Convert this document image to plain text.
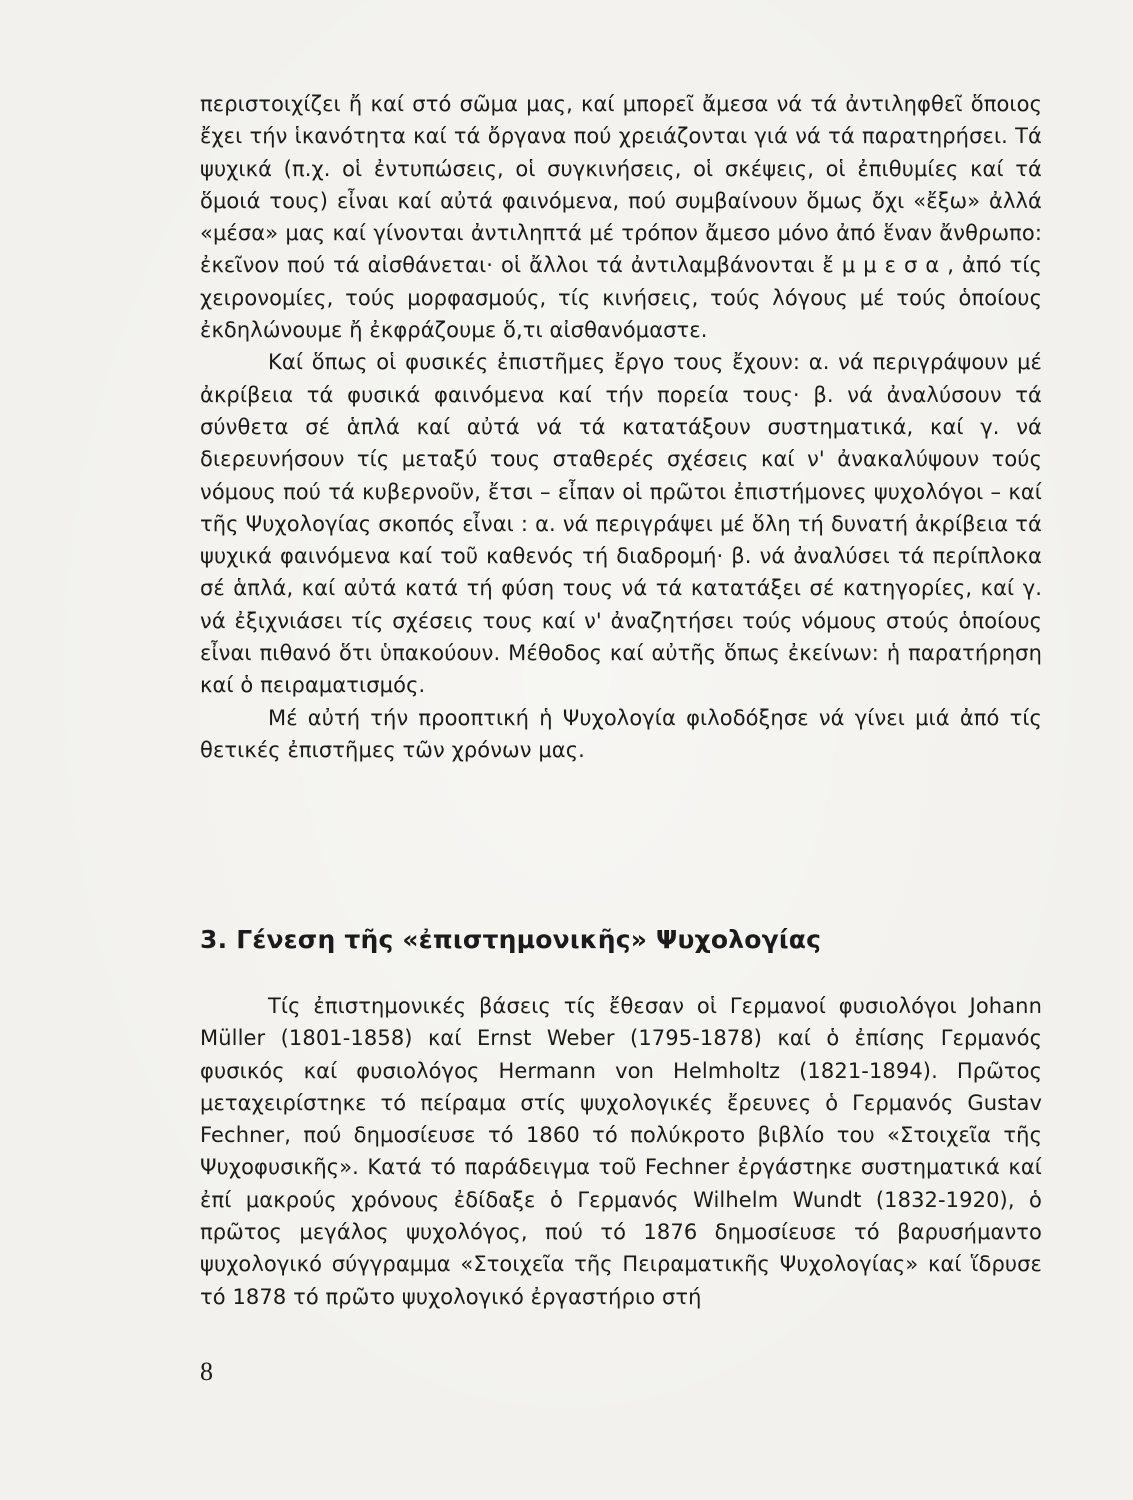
περιστοιχίζει ἤ καί στό σῶμα μας, καί μπορεῖ ἄμεσα νά τά ἀντιληφθεῖ ὅποιος ἔχει τήν ἱκανότητα καί τά ὄργανα πού χρειάζονται γιά νά τά παρατηρήσει. Τά ψυχικά (π.χ. οἱ ἐντυπώσεις, οἱ συγκινήσεις, οἱ σκέψεις, οἱ ἐπιθυμίες καί τά ὅμοιά τους) εἶναι καί αὐτά φαινόμενα, πού συμβαίνουν ὅμως ὄχι «ἔξω» ἀλλά «μέσα» μας καί γίνονται ἀντιληπτά μέ τρόπον ἄμεσο μόνο ἀπό ἕναν ἄνθρωπο: ἐκεῖνον πού τά αἰσθάνεται· οἱ ἄλλοι τά ἀντιλαμβάνονται ἔ μ μ ε σ α , ἀπό τίς χειρονομίες, τούς μορφασμούς, τίς κινήσεις, τούς λόγους μέ τούς ὁποίους ἐκδηλώνουμε ἤ ἐκφράζουμε ὅ,τι αἰσθανόμαστε.

Καί ὅπως οἱ φυσικές ἐπιστῆμες ἔργο τους ἔχουν: α. νά περιγράψουν μέ ἀκρίβεια τά φυσικά φαινόμενα καί τήν πορεία τους· β. νά ἀναλύσουν τά σύνθετα σέ ἁπλά καί αὐτά νά τά κατατάξουν συστηματικά, καί γ. νά διερευνήσουν τίς μεταξύ τους σταθερές σχέσεις καί ν' ἀνακαλύψουν τούς νόμους πού τά κυβερνοῦν, ἔτσι – εἶπαν οἱ πρῶτοι ἐπιστήμονες ψυχολόγοι – καί τῆς Ψυχολογίας σκοπός εἶναι : α. νά περιγράψει μέ ὅλη τή δυνατή ἀκρίβεια τά ψυχικά φαινόμενα καί τοῦ καθενός τή διαδρομή· β. νά ἀναλύσει τά περίπλοκα σέ ἁπλά, καί αὐτά κατά τή φύση τους νά τά κατατάξει σέ κατηγορίες, καί γ. νά ἐξιχνιάσει τίς σχέσεις τους καί ν' ἀναζητήσει τούς νόμους στούς ὁποίους εἶναι πιθανό ὅτι ὑπακούουν. Μέθοδος καί αὐτῆς ὅπως ἐκείνων: ἡ παρατήρηση καί ὁ πειραματισμός.

Μέ αὐτή τήν προοπτική ἡ Ψυχολογία φιλοδόξησε νά γίνει μιά ἀπό τίς θετικές ἐπιστῆμες τῶν χρόνων μας.

3. Γένεση τῆς «ἐπιστημονικῆς» Ψυχολογίας

Τίς ἐπιστημονικές βάσεις τίς ἔθεσαν οἱ Γερμανοί φυσιολόγοι Johann Müller (1801-1858) καί Ernst Weber (1795-1878) καί ὁ ἐπίσης Γερμανός φυσικός καί φυσιολόγος Hermann von Helmholtz (1821-1894). Πρῶτος μεταχειρίστηκε τό πείραμα στίς ψυχολογικές ἔρευνες ὁ Γερμανός Gustav Fechner, πού δημοσίευσε τό 1860 τό πολύκροτο βιβλίο του «Στοιχεῖα τῆς Ψυχοφυσικῆς». Κατά τό παράδειγμα τοῦ Fechner ἐργάστηκε συστηματικά καί ἐπί μακρούς χρόνους ἐδίδαξε ὁ Γερμανός Wilhelm Wundt (1832-1920), ὁ πρῶτος μεγάλος ψυχολόγος, πού τό 1876 δημοσίευσε τό βαρυσήμαντο ψυχολογικό σύγγραμμα «Στοιχεῖα τῆς Πειραματικῆς Ψυχολογίας» καί ἵδρυσε τό 1878 τό πρῶτο ψυχολογικό ἐργαστήριο στή

8
